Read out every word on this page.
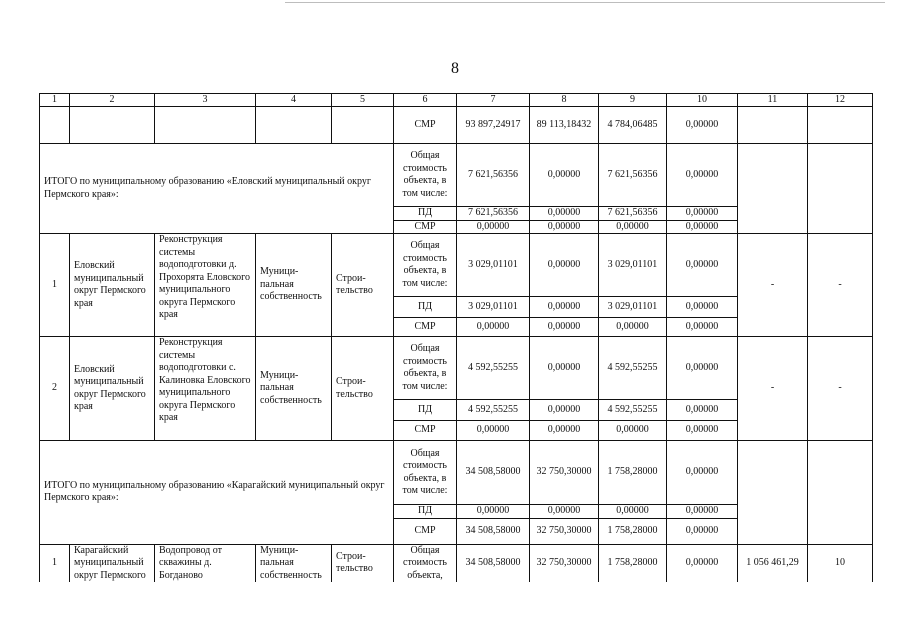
8
1	2	3	4	5	6	7	8	9	10	11	12
					СМР	93 897,24917	89 113,18432	4 784,06485	0,00000		
ИТОГО по муниципальному образованию «Еловский муниципальный округ Пермского края»:					Общая стоимость объекта, в том числе:	7 621,56356	0,00000	7 621,56356	0,00000		
					ПД	7 621,56356	0,00000	7 621,56356	0,00000		
					СМР	0,00000	0,00000	0,00000	0,00000		
1	Еловский муниципальный округ Пермского края	Реконструкция системы водоподготовки д. Прохорята Еловского муниципального округа Пермского края	Муници- пальная собственность	Строи- тельство	Общая стоимость объекта, в том числе:	3 029,01101	0,00000	3 029,01101	0,00000	-	-
					ПД	3 029,01101	0,00000	3 029,01101	0,00000		
					СМР	0,00000	0,00000	0,00000	0,00000		
2	Еловский муниципальный округ Пермского края	Реконструкция системы водоподготовки с. Калиновка Еловского муниципального округа Пермского края	Муници- пальная собственность	Строи- тельство	Общая стоимость объекта, в том числе:	4 592,55255	0,00000	4 592,55255	0,00000	-	-
					ПД	4 592,55255	0,00000	4 592,55255	0,00000		
					СМР	0,00000	0,00000	0,00000	0,00000		
ИТОГО по муниципальному образованию «Карагайский муниципальный округ Пермского края»:					Общая стоимость объекта, в том числе:	34 508,58000	32 750,30000	1 758,28000	0,00000		
					ПД	0,00000	0,00000	0,00000	0,00000		
					СМР	34 508,58000	32 750,30000	1 758,28000	0,00000		
1	Карагайский муниципальный округ Пермского	Водопровод от скважины д. Богданово	Муници- пальная собственность	Строи- тельство	Общая стоимость объекта,	34 508,58000	32 750,30000	1 758,28000	0,00000	1 056 461,29	10
